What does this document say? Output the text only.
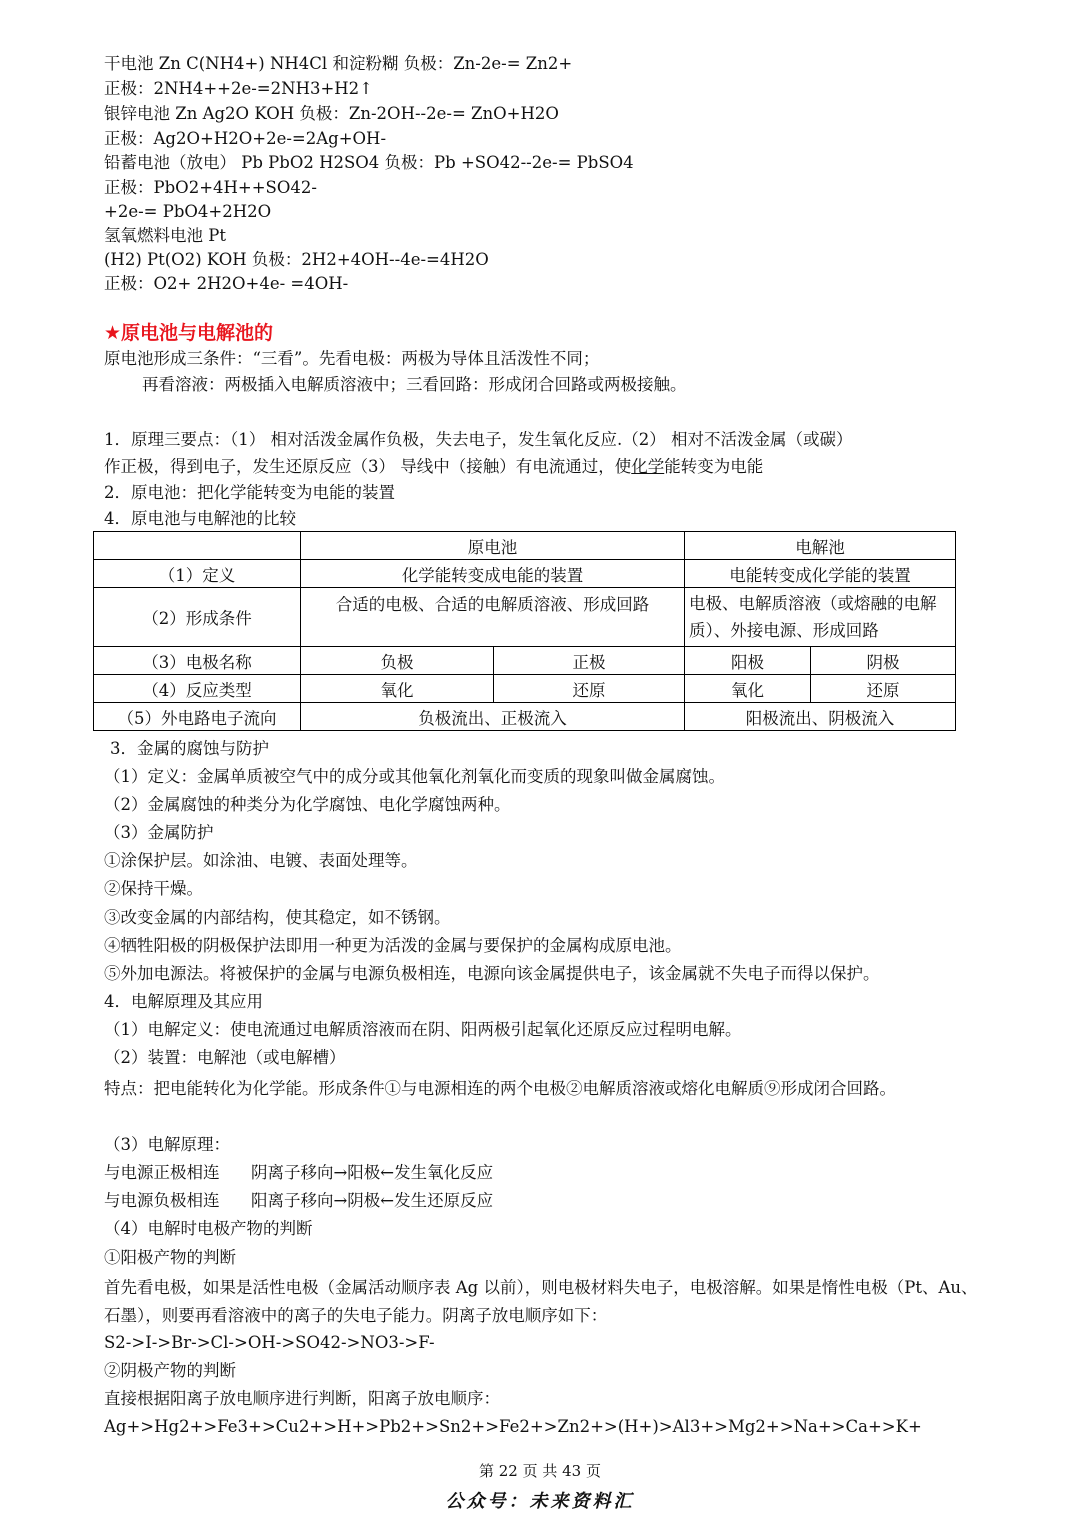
干电池 Zn C(NH4+) NH4Cl 和淀粉糊 负极：Zn-2e-= Zn2+
正极：2NH4++2e-=2NH3+H2↑
银锌电池 Zn Ag2O KOH 负极：Zn-2OH--2e-= ZnO+H2O
正极：Ag2O+H2O+2e-=2Ag+OH-
铅蓄电池（放电） Pb PbO2 H2SO4 负极：Pb +SO42--2e-= PbSO4
正极：PbO2+4H++SO42-
+2e-= PbO4+2H2O
氢氧燃料电池 Pt
(H2) Pt(O2) KOH 负极：2H2+4OH--4e-=4H2O
正极：O2+ 2H2O+4e- =4OH-
★原电池与电解池的
原电池形成三条件：“三看”。先看电极：两极为导体且活泼性不同；
再看溶液：两极插入电解质溶液中；三看回路：形成闭合回路或两极接触。
1．原理三要点：（1） 相对活泼金属作负极，失去电子，发生氧化反应.（2） 相对不活泼金属（或碳）
作正极，得到电子，发生还原反应（3） 导线中（接触）有电流通过，使化学能转变为电能
2．原电池：把化学能转变为电能的装置
4．原电池与电解池的比较
	原电池		电解池	
（1）定义	化学能转变成电能的装置		电能转变成化学能的装置	
（2）形成条件	合适的电极、合适的电解质溶液、形成回路		电极、电解质溶液（或熔融的电解质）、外接电源、形成回路	
（3）电极名称	负极	正极	阳极	阴极
（4）反应类型	氧化	还原	氧化	还原
（5）外电路电子流向	负极流出、正极流入		阳极流出、阴极流入	
3．金属的腐蚀与防护
（1）定义：金属单质被空气中的成分或其他氧化剂氧化而变质的现象叫做金属腐蚀。
（2）金属腐蚀的种类分为化学腐蚀、电化学腐蚀两种。
（3）金属防护
①涂保护层。如涂油、电镀、表面处理等。
②保持干燥。
③改变金属的内部结构，使其稳定，如不锈钢。
④牺牲阳极的阴极保护法即用一种更为活泼的金属与要保护的金属构成原电池。
⑤外加电源法。将被保护的金属与电源负极相连，电源向该金属提供电子，该金属就不失电子而得以保护。
4．电解原理及其应用
（1）电解定义：使电流通过电解质溶液而在阴、阳两极引起氧化还原反应过程明电解。
（2）装置：电解池（或电解槽）
特点：把电能转化为化学能。形成条件①与电源相连的两个电极②电解质溶液或熔化电解质⑨形成闭合回路。
（3）电解原理：
与电源正极相连      阴离子移向→阳极←发生氧化反应
与电源负极相连      阳离子移向→阴极←发生还原反应
（4）电解时电极产物的判断
①阳极产物的判断
首先看电极，如果是活性电极（金属活动顺序表 Ag 以前），则电极材料失电子，电极溶解。如果是惰性电极（Pt、Au、石墨），则要再看溶液中的离子的失电子能力。阴离子放电顺序如下：
S2->I->Br->Cl->OH->SO42->NO3->F-
②阴极产物的判断
直接根据阳离子放电顺序进行判断，阳离子放电顺序：
Ag+>Hg2+>Fe3+>Cu2+>H+>Pb2+>Sn2+>Fe2+>Zn2+>(H+)>Al3+>Mg2+>Na+>Ca+>K+
第 22 页 共 43 页
公众号：未来资料汇
